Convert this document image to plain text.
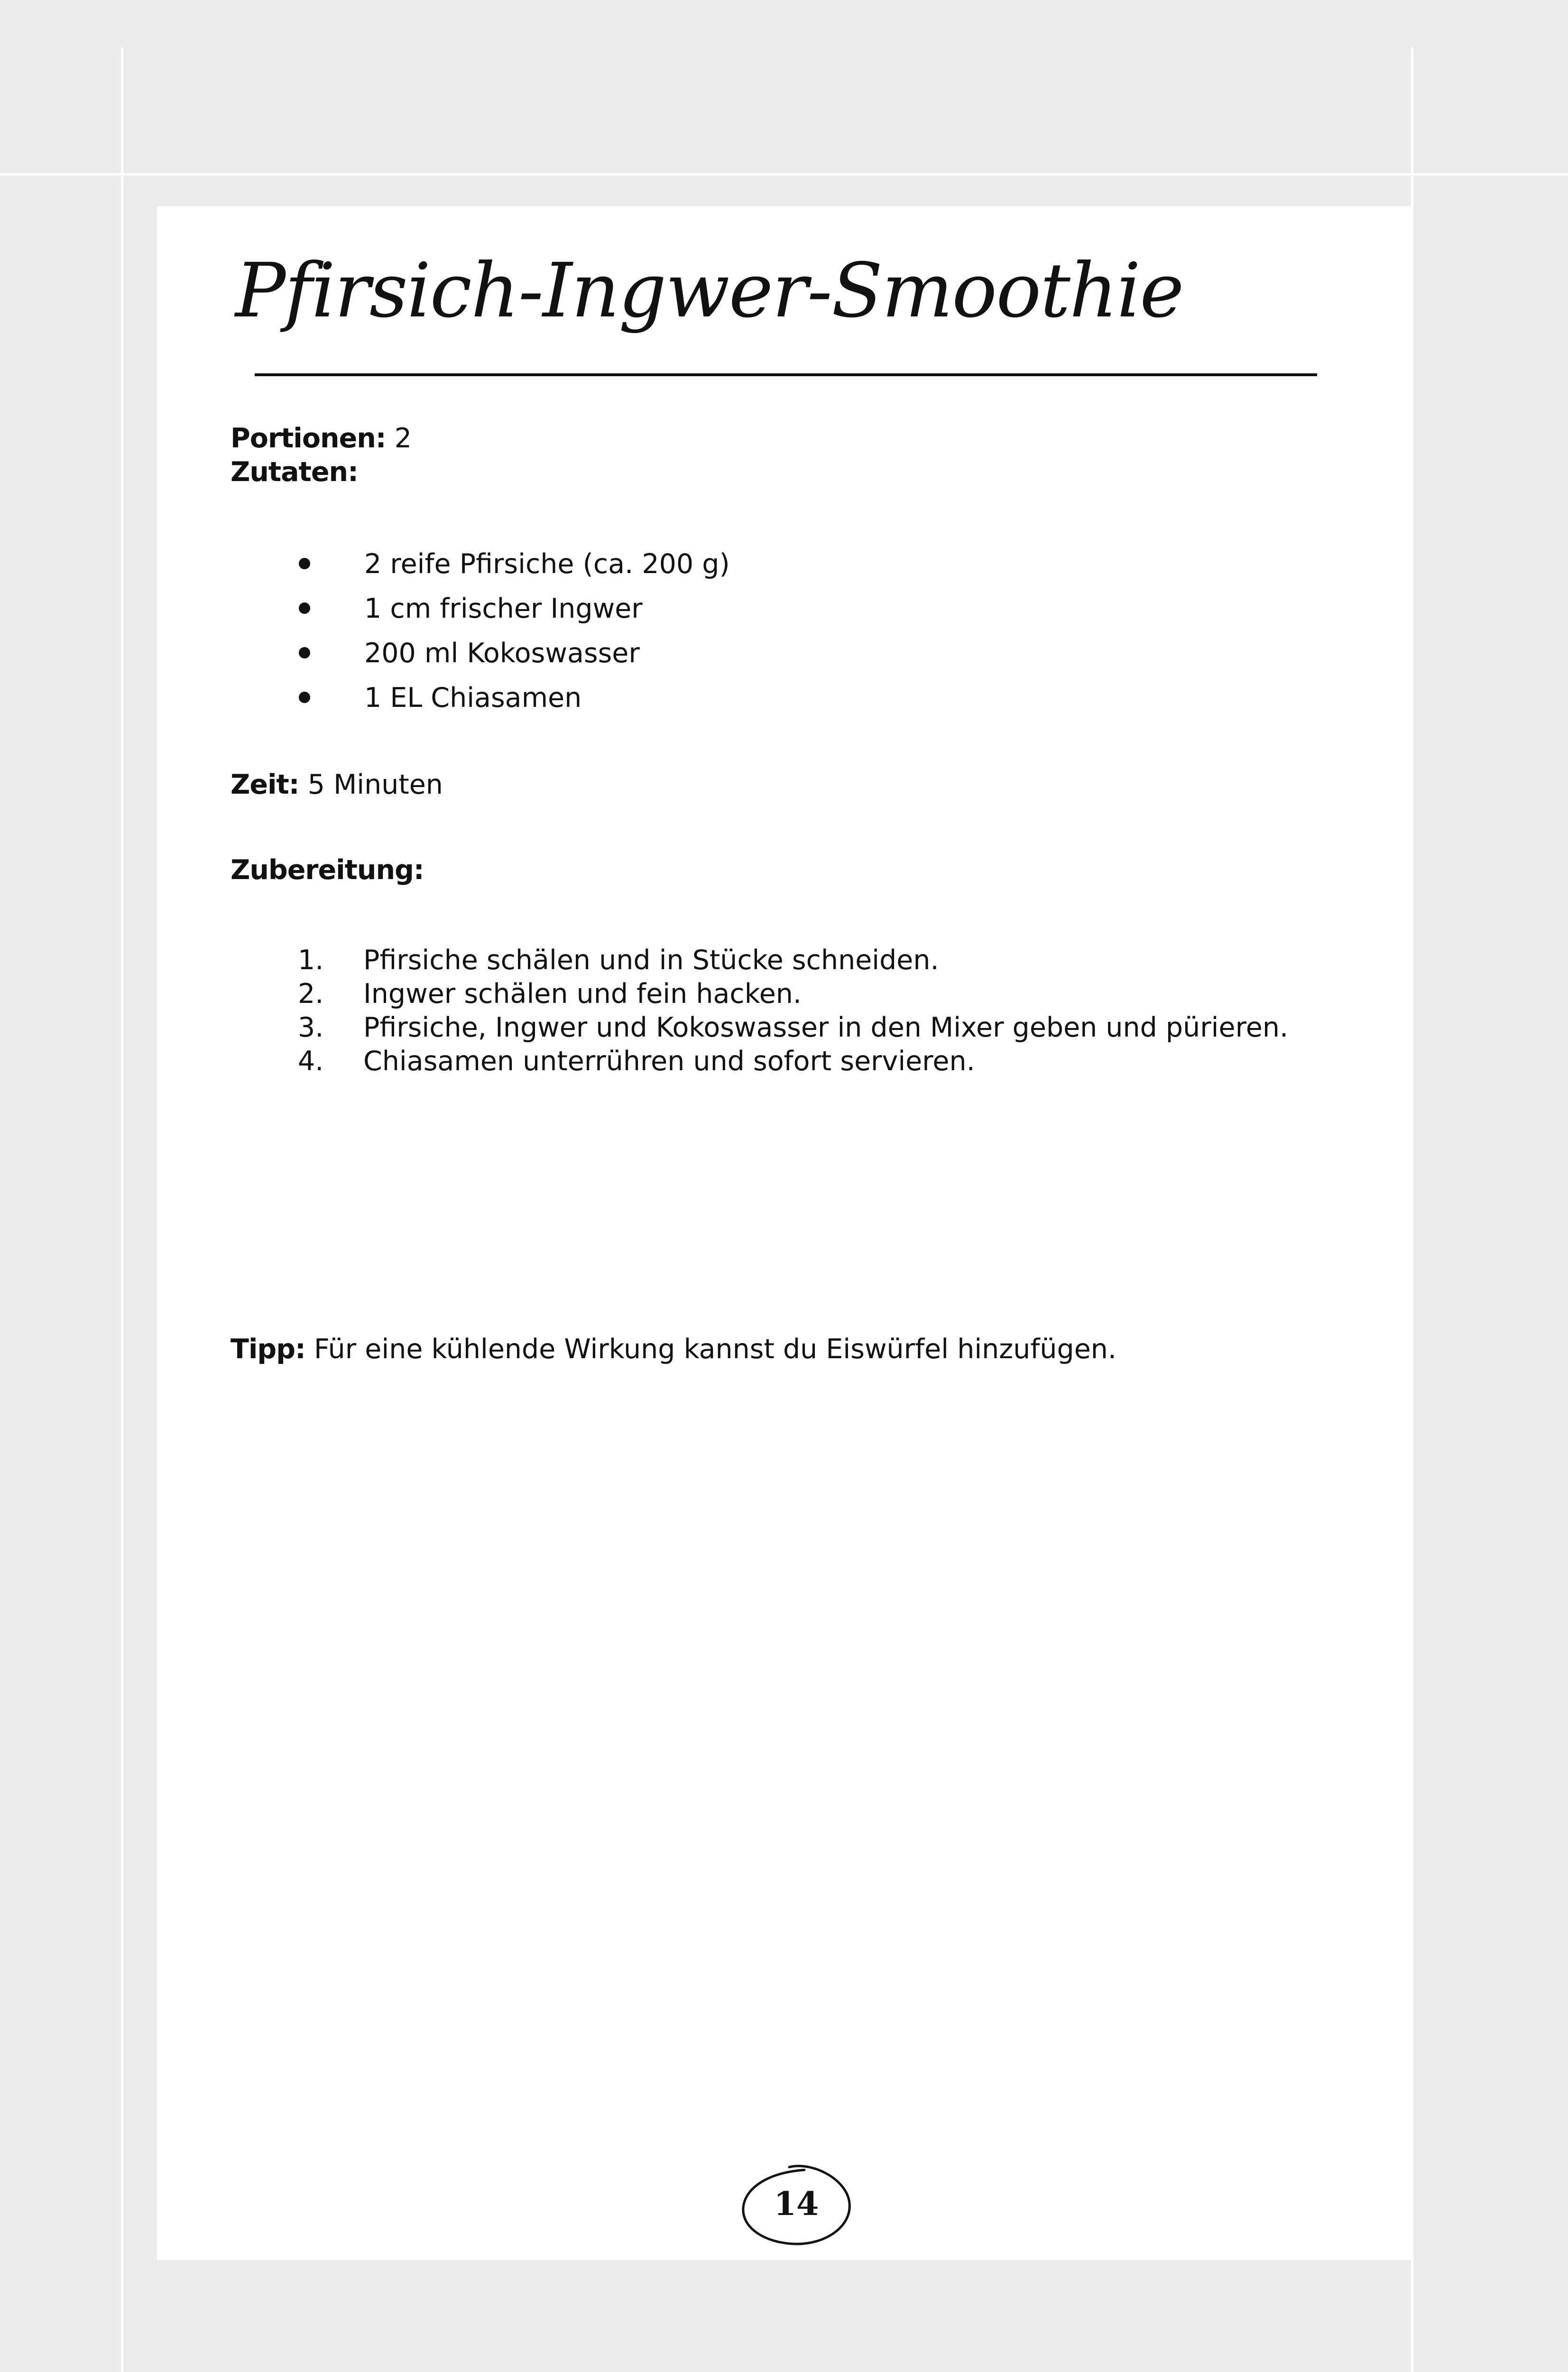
Pfirsich-Ingwer-Smoothie
Portionen: 2
Zutaten:
2 reife Pfirsiche (ca. 200 g)
1 cm frischer Ingwer
200 ml Kokoswasser
1 EL Chiasamen
Zeit: 5 Minuten
Zubereitung:
1.	Pfirsiche schälen und in Stücke schneiden.
2.	Ingwer schälen und fein hacken.
3.	Pfirsiche, Ingwer und Kokoswasser in den Mixer geben und pürieren.
4.	Chiasamen unterrühren und sofort servieren.
Tipp: Für eine kühlende Wirkung kannst du Eiswürfel hinzufügen.
14
